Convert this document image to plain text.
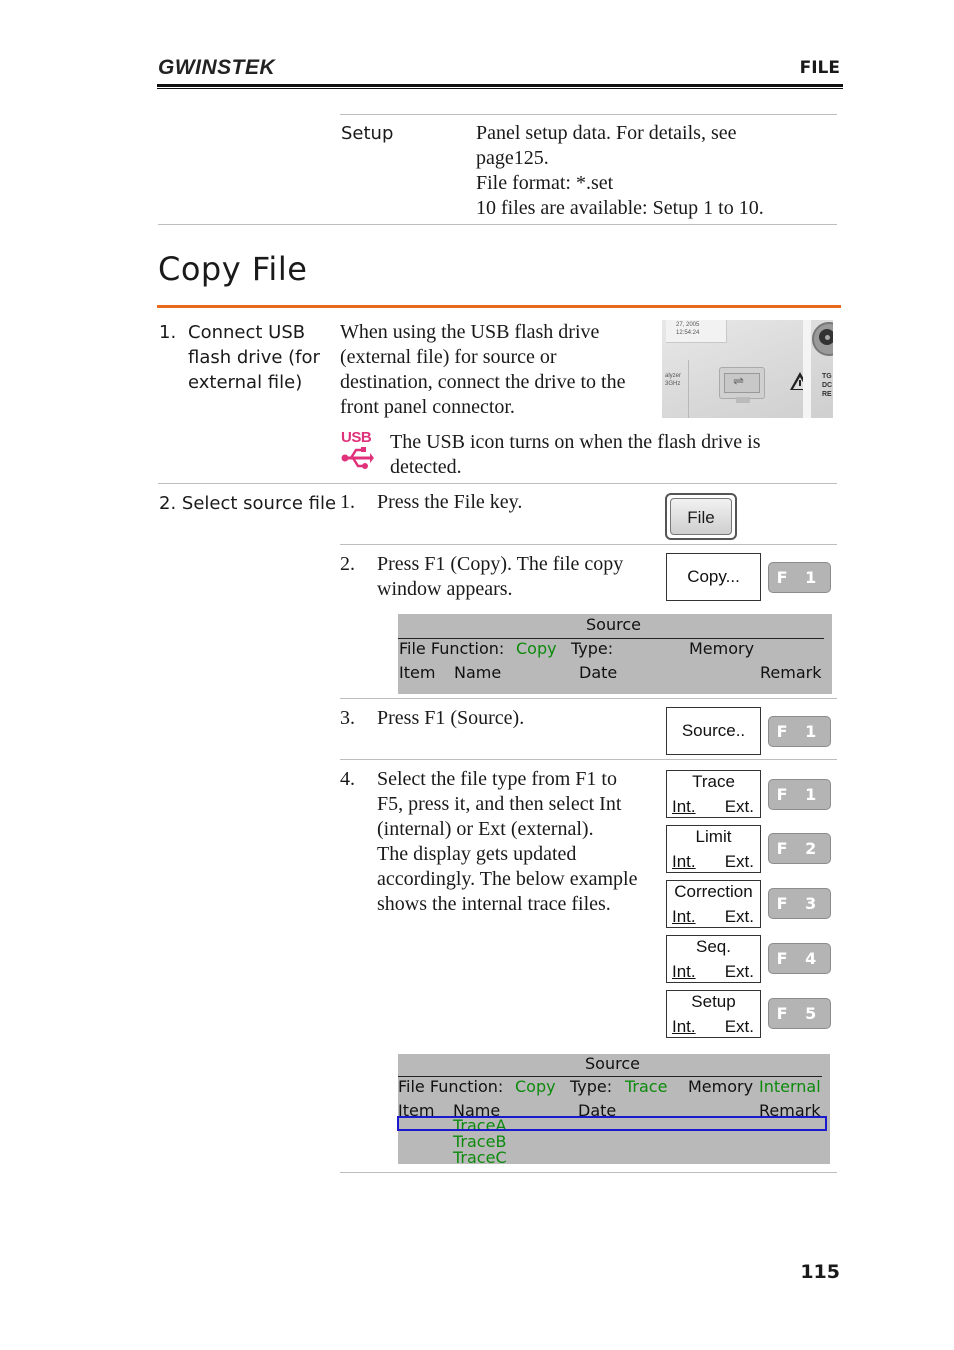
GWINSTEK	FILE
Setup	Panel setup data. For details, see
page125.
File format: *.set
10 files are available: Setup 1 to 10.
Copy File
1. Connect USB
flash drive (for
external file)
When using the USB flash drive
(external file) for source or
destination, connect the drive to the
front panel connector.
27, 2005
12:54:24
alyzer
3GHz	⇌	TG
DC
RE
USB The USB icon turns on when the flash drive is
detected.
2. Select source file 1. Press the File key.
File
2. Press F1 (Copy). The file copy
window appears.
Copy...	F 1
Source
File Function: Copy Type:	Memory
Item Name	Date	Remark
3. Press F1 (Source).
Source..	F 1
4. Select the file type from F1 to
F5, press it, and then select Int
(internal) or Ext (external).
The display gets updated
accordingly. The below example
shows the internal trace files.
Trace
Int. Ext.
F 1
Limit
Int. Ext.
F 2
Correction
Int. Ext.
F 3
Seq.
Int. Ext.
F 4
Setup
Int. Ext.
F 5
Source
File Function: Copy Type: Trace Memory Internal
Item Name	Date	Remark
TraceA
TraceB
TraceC
115
